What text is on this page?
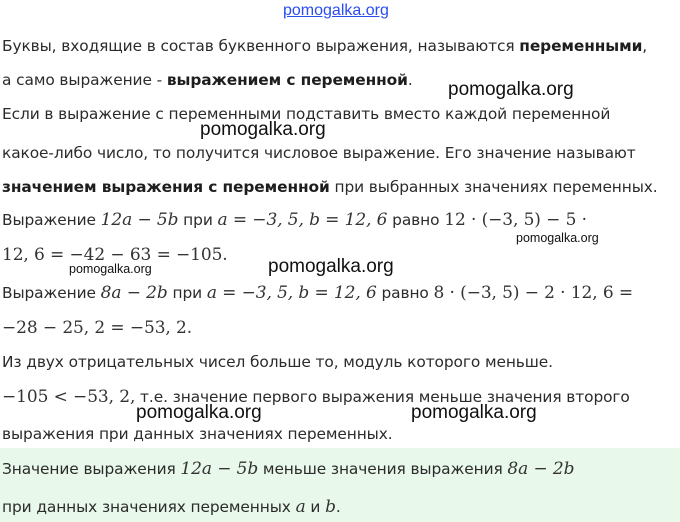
pomogalka.org
Буквы, входящие в состав буквенного выражения, называются переменными,
а само выражение - выражением с переменной.
Если в выражение с переменными подставить вместо каждой переменной
какое-либо число, то получится числовое выражение. Его значение называют
значением выражения с переменной при выбранных значениях переменных.
Выражение 12a − 5b при a = −3, 5, b = 12, 6 равно 12 · (−3, 5) − 5 ·
12, 6 = −42 − 63 = −105.
Выражение 8a − 2b при a = −3, 5, b = 12, 6 равно 8 · (−3, 5) − 2 · 12, 6 =
−28 − 25, 2 = −53, 2.
Из двух отрицательных чисел больше то, модуль которого меньше.
−105 < −53, 2, т.е. значение первого выражения меньше значения второго
выражения при данных значениях переменных.
Значение выражения 12a − 5b меньше значения выражения 8a − 2b
при данных значениях переменных a и b.
pomogalka.org
pomogalka.org
pomogalka.org
pomogalka.org	pomogalka.org
pomogalka.org	pomogalka.org
